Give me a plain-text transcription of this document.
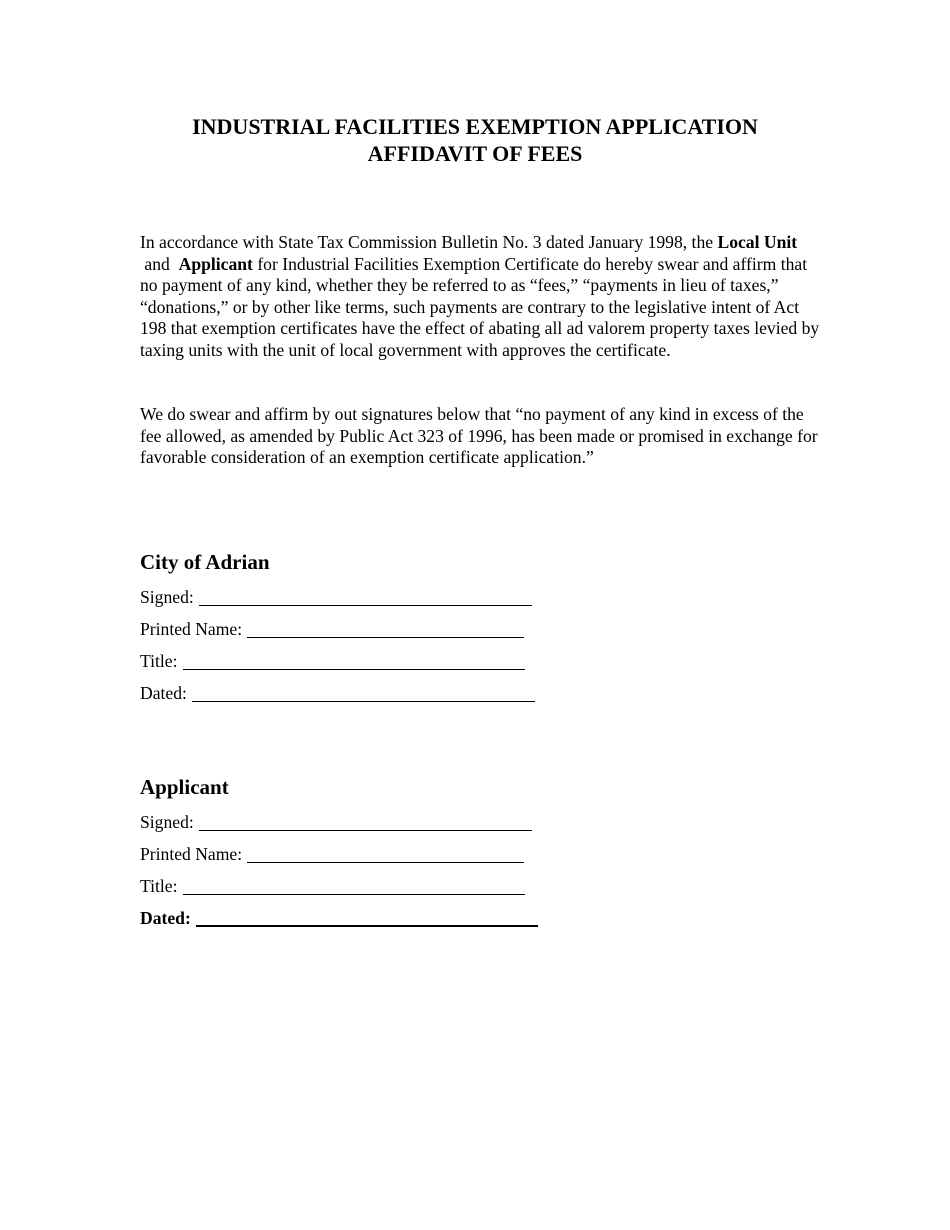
INDUSTRIAL FACILITIES EXEMPTION APPLICATION
AFFIDAVIT OF FEES
In accordance with State Tax Commission Bulletin No. 3 dated January 1998, the Local Unit and  Applicant for Industrial Facilities Exemption Certificate do hereby swear and affirm that no payment of any kind, whether they be referred to as “fees,” “payments in lieu of taxes,” “donations,” or by other like terms, such payments are contrary to the legislative intent of Act 198 that exemption certificates have the effect of abating all ad valorem property taxes levied by taxing units with the unit of local government with approves the certificate.
We do swear and affirm by out signatures below that “no payment of any kind in excess of the fee allowed, as amended by Public Act 323 of 1996, has been made or promised in exchange for favorable consideration of an exemption certificate application.”
City of Adrian
Signed:
Printed Name:
Title:
Dated:
Applicant
Signed:
Printed Name:
Title:
Dated:
